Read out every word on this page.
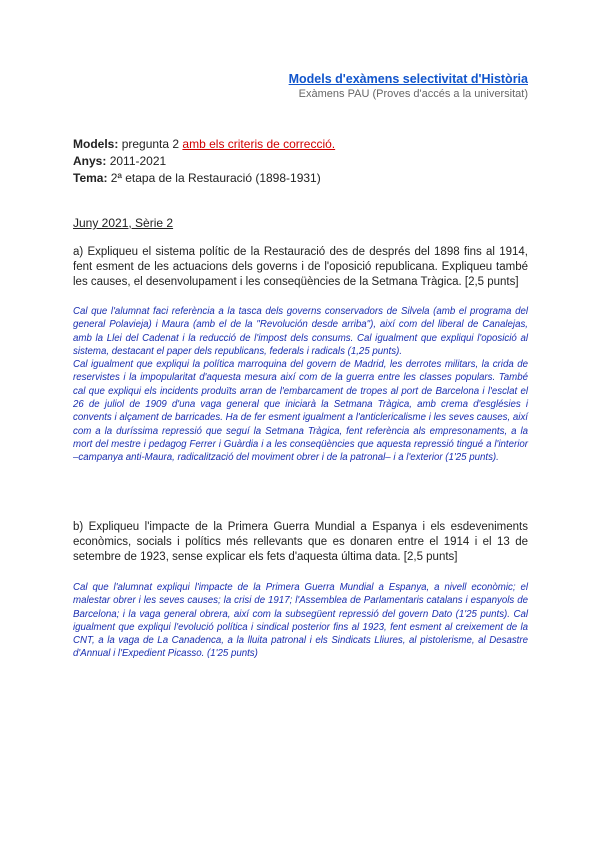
Models d'exàmens selectivitat d'Història
Exàmens PAU (Proves d'accés a la universitat)
Models: pregunta 2 amb els criteris de correcció.
Anys: 2011-2021
Tema: 2ª etapa de la Restauració (1898-1931)
Juny 2021, Sèrie 2
a) Expliqueu el sistema polític de la Restauració des de després del 1898 fins al 1914, fent esment de les actuacions dels governs i de l'oposició republicana. Expliqueu també les causes, el desenvolupament i les conseqüències de la Setmana Tràgica. [2,5 punts]

Cal que l'alumnat faci referència a la tasca dels governs conservadors de Silvela (amb el programa del general Polavieja) i Maura (amb el de la "Revolución desde arriba"), així com del liberal de Canalejas, amb la Llei del Cadenat i la reducció de l'impost dels consums. Cal igualment que expliqui l'oposició al sistema, destacant el paper dels republicans, federals i radicals (1,25 punts).

Cal igualment que expliqui la política marroquina del govern de Madrid, les derrotes militars, la crida de reservistes i la impopularitat d'aquesta mesura així com de la guerra entre les classes populars. També cal que expliqui els incidents produïts arran de l'embarcament de tropes al port de Barcelona i l'esclat el 26 de juliol de 1909 d'una vaga general que iniciarà la Setmana Tràgica, amb crema d'esglésies i convents i alçament de barricades. Ha de fer esment igualment a l'anticlericalisme i les seves causes, així com a la duríssima repressió que seguí la Setmana Tràgica, fent referència als empresonaments, a la mort del mestre i pedagog Ferrer i Guàrdia i a les conseqüències que aquesta repressió tingué a l'interior –campanya anti-Maura, radicalització del moviment obrer i de la patronal– i a l'exterior (1'25 punts).

b) Expliqueu l'impacte de la Primera Guerra Mundial a Espanya i els esdeveniments econòmics, socials i polítics més rellevants que es donaren entre el 1914 i el 13 de setembre de 1923, sense explicar els fets d'aquesta última data. [2,5 punts]

Cal que l'alumnat expliqui l'impacte de la Primera Guerra Mundial a Espanya, a nivell econòmic; el malestar obrer i les seves causes; la crisi de 1917; l'Assemblea de Parlamentaris catalans i espanyols de Barcelona; i la vaga general obrera, així com la subsegüent repressió del govern Dato (1'25 punts). Cal igualment que expliqui l'evolució política i sindical posterior fins al 1923, fent esment al creixement de la CNT, a la vaga de La Canadenca, a la lluita patronal i els Sindicats Lliures, al pistolerisme, al Desastre d'Annual i l'Expedient Picasso. (1'25 punts)
